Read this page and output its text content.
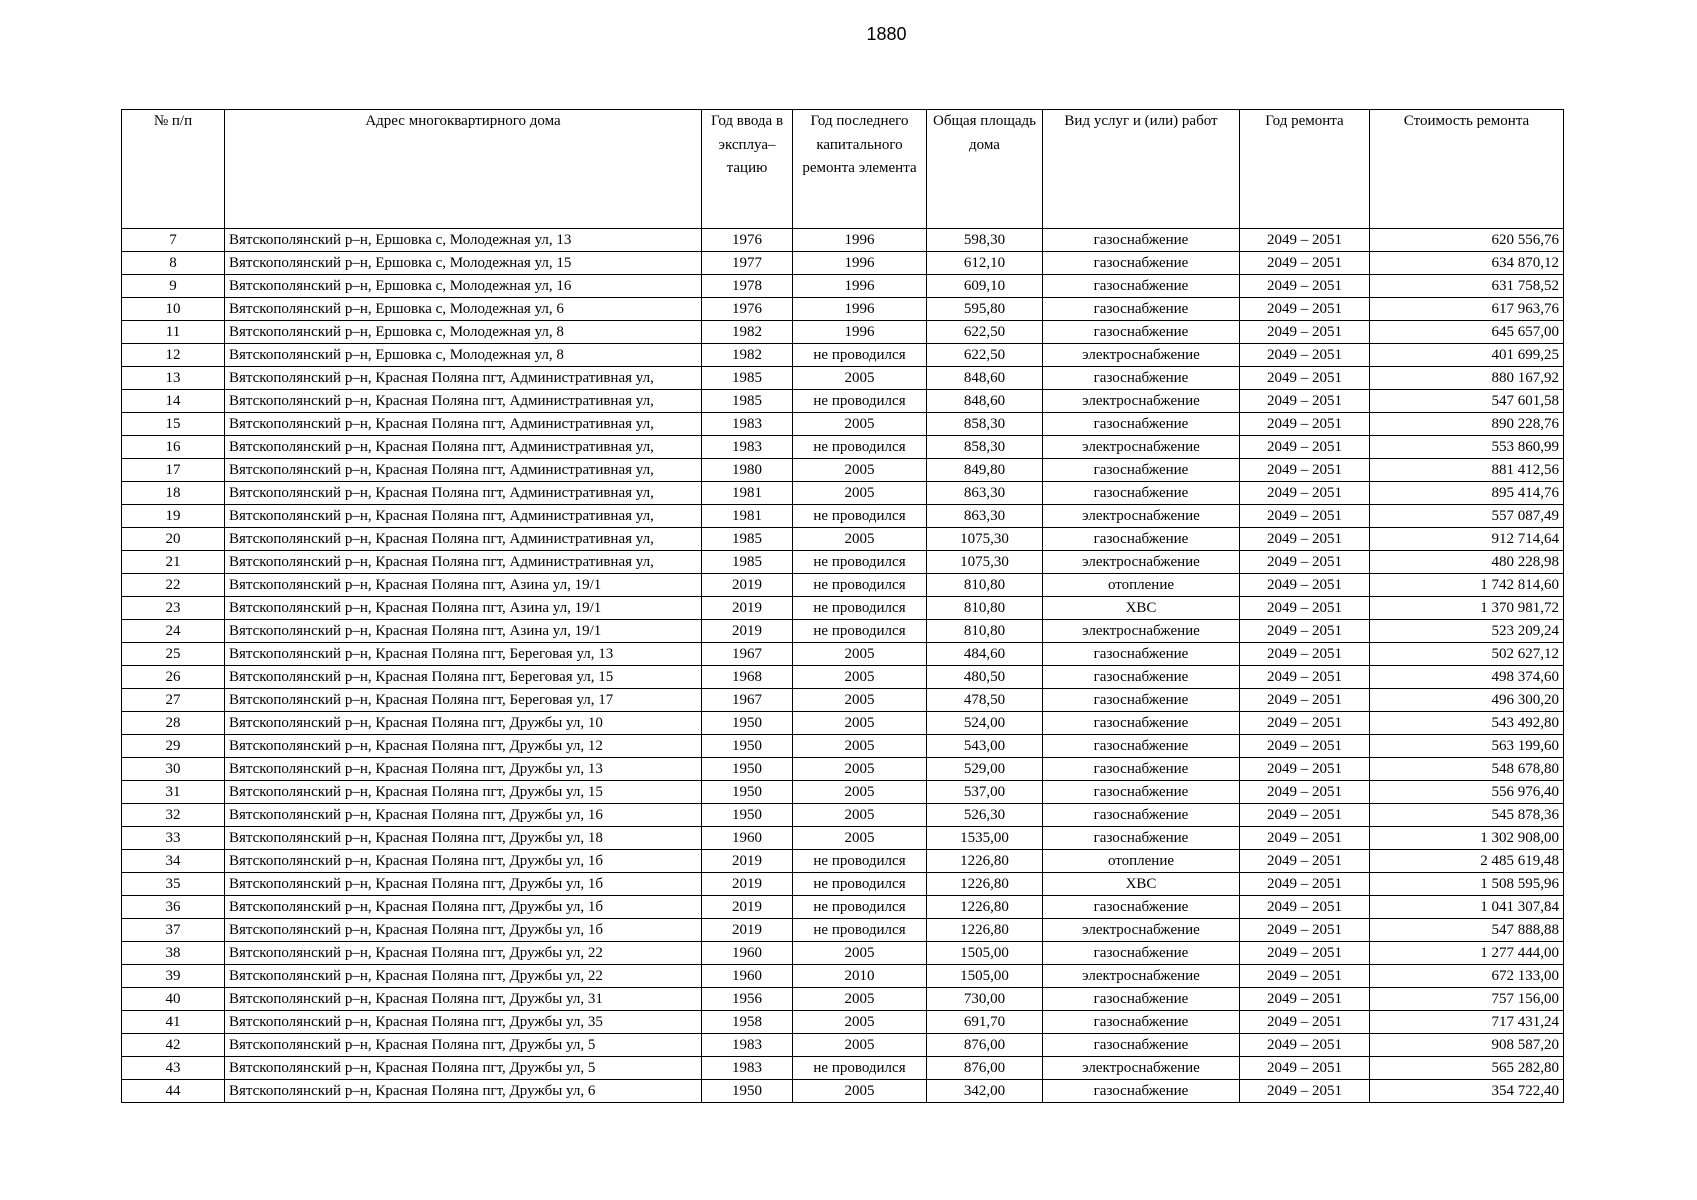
1880
№ п/п	Адрес многоквартирного дома	Год ввода в эксплуа–тацию	Год последнего капитального ремонта элемента	Общая площадь дома	Вид услуг и (или) работ	Год ремонта	Стоимость ремонта
7	Вятскополянский р–н, Ершовка с, Молодежная ул, 13	1976	1996	598,30	газоснабжение	2049 – 2051	620 556,76
8	Вятскополянский р–н, Ершовка с, Молодежная ул, 15	1977	1996	612,10	газоснабжение	2049 – 2051	634 870,12
9	Вятскополянский р–н, Ершовка с, Молодежная ул, 16	1978	1996	609,10	газоснабжение	2049 – 2051	631 758,52
10	Вятскополянский р–н, Ершовка с, Молодежная ул, 6	1976	1996	595,80	газоснабжение	2049 – 2051	617 963,76
11	Вятскополянский р–н, Ершовка с, Молодежная ул, 8	1982	1996	622,50	газоснабжение	2049 – 2051	645 657,00
12	Вятскополянский р–н, Ершовка с, Молодежная ул, 8	1982	не проводился	622,50	электроснабжение	2049 – 2051	401 699,25
13	Вятскополянский р–н, Красная Поляна пгт, Административная ул,	1985	2005	848,60	газоснабжение	2049 – 2051	880 167,92
14	Вятскополянский р–н, Красная Поляна пгт, Административная ул,	1985	не проводился	848,60	электроснабжение	2049 – 2051	547 601,58
15	Вятскополянский р–н, Красная Поляна пгт, Административная ул,	1983	2005	858,30	газоснабжение	2049 – 2051	890 228,76
16	Вятскополянский р–н, Красная Поляна пгт, Административная ул,	1983	не проводился	858,30	электроснабжение	2049 – 2051	553 860,99
17	Вятскополянский р–н, Красная Поляна пгт, Административная ул,	1980	2005	849,80	газоснабжение	2049 – 2051	881 412,56
18	Вятскополянский р–н, Красная Поляна пгт, Административная ул,	1981	2005	863,30	газоснабжение	2049 – 2051	895 414,76
19	Вятскополянский р–н, Красная Поляна пгт, Административная ул,	1981	не проводился	863,30	электроснабжение	2049 – 2051	557 087,49
20	Вятскополянский р–н, Красная Поляна пгт, Административная ул,	1985	2005	1075,30	газоснабжение	2049 – 2051	912 714,64
21	Вятскополянский р–н, Красная Поляна пгт, Административная ул,	1985	не проводился	1075,30	электроснабжение	2049 – 2051	480 228,98
22	Вятскополянский р–н, Красная Поляна пгт, Азина ул, 19/1	2019	не проводился	810,80	отопление	2049 – 2051	1 742 814,60
23	Вятскополянский р–н, Красная Поляна пгт, Азина ул, 19/1	2019	не проводился	810,80	ХВС	2049 – 2051	1 370 981,72
24	Вятскополянский р–н, Красная Поляна пгт, Азина ул, 19/1	2019	не проводился	810,80	электроснабжение	2049 – 2051	523 209,24
25	Вятскополянский р–н, Красная Поляна пгт, Береговая ул, 13	1967	2005	484,60	газоснабжение	2049 – 2051	502 627,12
26	Вятскополянский р–н, Красная Поляна пгт, Береговая ул, 15	1968	2005	480,50	газоснабжение	2049 – 2051	498 374,60
27	Вятскополянский р–н, Красная Поляна пгт, Береговая ул, 17	1967	2005	478,50	газоснабжение	2049 – 2051	496 300,20
28	Вятскополянский р–н, Красная Поляна пгт, Дружбы ул, 10	1950	2005	524,00	газоснабжение	2049 – 2051	543 492,80
29	Вятскополянский р–н, Красная Поляна пгт, Дружбы ул, 12	1950	2005	543,00	газоснабжение	2049 – 2051	563 199,60
30	Вятскополянский р–н, Красная Поляна пгт, Дружбы ул, 13	1950	2005	529,00	газоснабжение	2049 – 2051	548 678,80
31	Вятскополянский р–н, Красная Поляна пгт, Дружбы ул, 15	1950	2005	537,00	газоснабжение	2049 – 2051	556 976,40
32	Вятскополянский р–н, Красная Поляна пгт, Дружбы ул, 16	1950	2005	526,30	газоснабжение	2049 – 2051	545 878,36
33	Вятскополянский р–н, Красная Поляна пгт, Дружбы ул, 18	1960	2005	1535,00	газоснабжение	2049 – 2051	1 302 908,00
34	Вятскополянский р–н, Красная Поляна пгт, Дружбы ул, 1б	2019	не проводился	1226,80	отопление	2049 – 2051	2 485 619,48
35	Вятскополянский р–н, Красная Поляна пгт, Дружбы ул, 1б	2019	не проводился	1226,80	ХВС	2049 – 2051	1 508 595,96
36	Вятскополянский р–н, Красная Поляна пгт, Дружбы ул, 1б	2019	не проводился	1226,80	газоснабжение	2049 – 2051	1 041 307,84
37	Вятскополянский р–н, Красная Поляна пгт, Дружбы ул, 1б	2019	не проводился	1226,80	электроснабжение	2049 – 2051	547 888,88
38	Вятскополянский р–н, Красная Поляна пгт, Дружбы ул, 22	1960	2005	1505,00	газоснабжение	2049 – 2051	1 277 444,00
39	Вятскополянский р–н, Красная Поляна пгт, Дружбы ул, 22	1960	2010	1505,00	электроснабжение	2049 – 2051	672 133,00
40	Вятскополянский р–н, Красная Поляна пгт, Дружбы ул, 31	1956	2005	730,00	газоснабжение	2049 – 2051	757 156,00
41	Вятскополянский р–н, Красная Поляна пгт, Дружбы ул, 35	1958	2005	691,70	газоснабжение	2049 – 2051	717 431,24
42	Вятскополянский р–н, Красная Поляна пгт, Дружбы ул, 5	1983	2005	876,00	газоснабжение	2049 – 2051	908 587,20
43	Вятскополянский р–н, Красная Поляна пгт, Дружбы ул, 5	1983	не проводился	876,00	электроснабжение	2049 – 2051	565 282,80
44	Вятскополянский р–н, Красная Поляна пгт, Дружбы ул, 6	1950	2005	342,00	газоснабжение	2049 – 2051	354 722,40
